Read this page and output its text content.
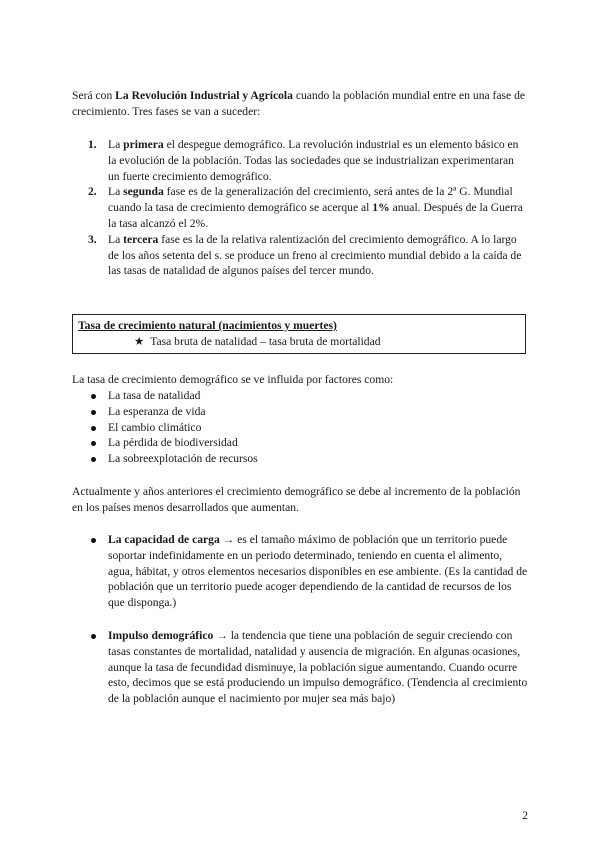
Será con La Revolución Industrial y Agrícola cuando la población mundial entre en una fase de crecimiento. Tres fases se van a suceder:

1. La primera el despegue demográfico. La revolución industrial es un elemento básico en la evolución de la población. Todas las sociedades que se industrializan experimentaran un fuerte crecimiento demográfico.
2. La segunda fase es de la generalización del crecimiento, será antes de la 2ª G. Mundial cuando la tasa de crecimiento demográfico se acerque al 1% anual. Después de la Guerra la tasa alcanzó el 2%.
3. La tercera fase es la de la relativa ralentización del crecimiento demográfico. A lo largo de los años setenta del s. se produce un freno al crecimiento mundial debido a la caída de las tasas de natalidad de algunos países del tercer mundo.
Tasa de crecimiento natural (nacimientos y muertes)
★ Tasa bruta de natalidad – tasa bruta de mortalidad

La tasa de crecimiento demográfico se ve influida por factores como:

La tasa de natalidad
La esperanza de vida
El cambio climático
La pérdida de biodiversidad
La sobreexplotación de recursos

Actualmente y años anteriores el crecimiento demográfico se debe al incremento de la población en los países menos desarrollados que aumentan.

La capacidad de carga → es el tamaño máximo de población que un territorio puede soportar indefinidamente en un periodo determinado, teniendo en cuenta el alimento, agua, hábitat, y otros elementos necesarios disponibles en ese ambiente. (Es la cantidad de población que un territorio puede acoger dependiendo de la cantidad de recursos de los que disponga.)
Impulso demográfico → la tendencia que tiene una población de seguir creciendo con tasas constantes de mortalidad, natalidad y ausencia de migración. En algunas ocasiones, aunque la tasa de fecundidad disminuye, la población sigue aumentando. Cuando ocurre esto, decimos que se está produciendo un impulso demográfico. (Tendencia al crecimiento de la población aunque el nacimiento por mujer sea más bajo)
2
